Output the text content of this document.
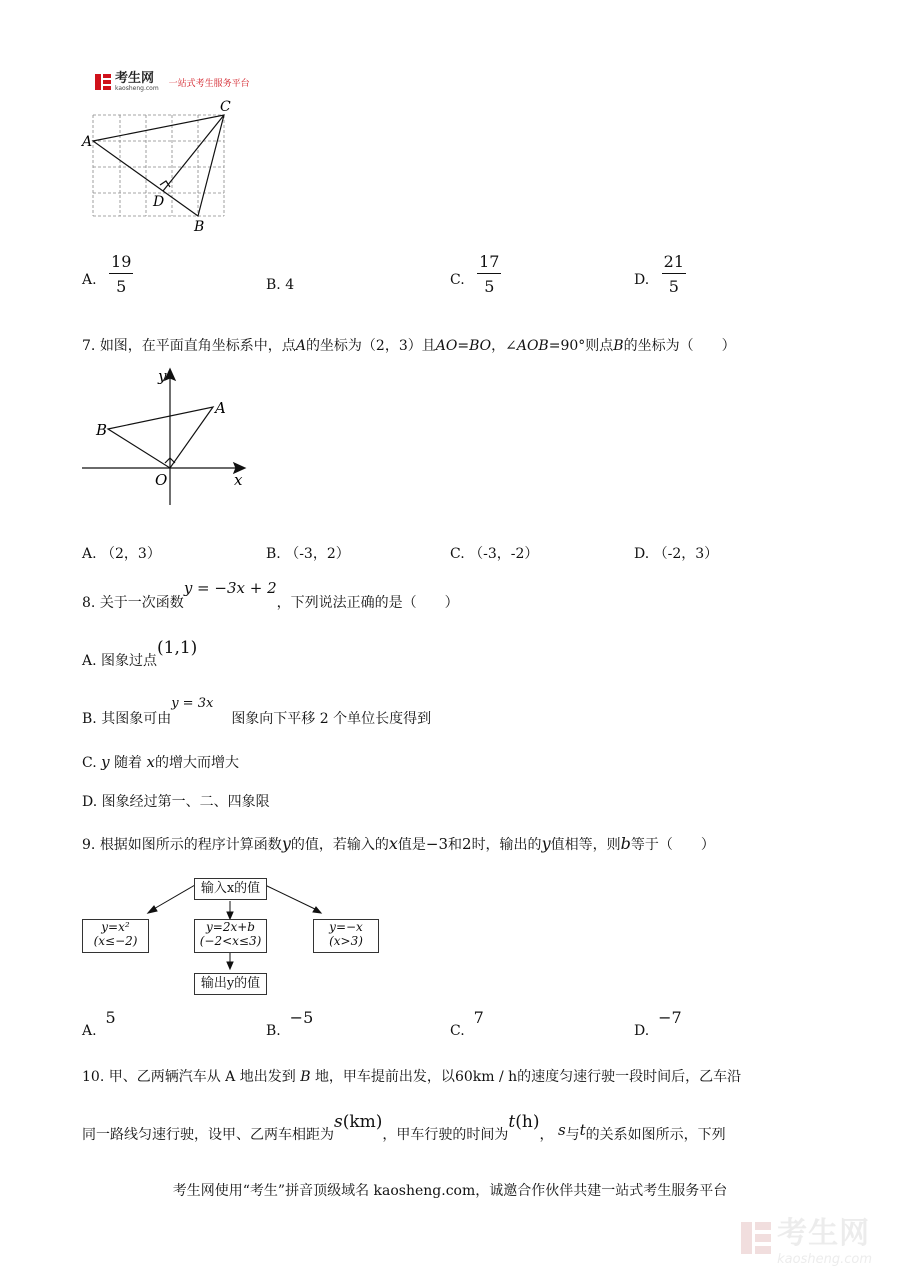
考生网
kaosheng.com 一站式考生服务平台
A
C
D
B
A. $\frac{19}{5}$	B. 4	C. $\frac{17}{5}$	D. $\frac{21}{5}$
7. 如图，在平面直角坐标系中，点A的坐标为（2，3）且AO=BO，∠AOB=90°则点B的坐标为（　　）
y
x
A
B
O
A. （2，3）	B. （-3，2）	C. （-3，-2）	D. （-2，3）
8. 关于一次函数y = −3x + 2，下列说法正确的是（　　）
A. 图象过点(1,1)
B. 其图象可由y = 3x图象向下平移 2 个单位长度得到
C. y 随着 x的增大而增大
D. 图象经过第一、二、四象限
9. 根据如图所示的程序计算函数y的值，若输入的x值是−3和2时，输出的y值相等，则b等于（　　）
输入x的值
y=x²
(x≤−2)
y=2x+b
(−2<x≤3)
y=−x
(x>3)
输出y的值
A.  5
B.  −5
C.  7
D.  −7
10. 甲、乙两辆汽车从 A 地出发到 B 地，甲车提前出发，以60km / h的速度匀速行驶一段时间后，乙车沿
同一路线匀速行驶，设甲、乙两车相距为s(km)，甲车行驶的时间为t(h)， s与t的关系如图所示，下列
考生网使用“考生”拼音顶级域名 kaosheng.com，诚邀合作伙伴共建一站式考生服务平台
考生网
kaosheng.com
